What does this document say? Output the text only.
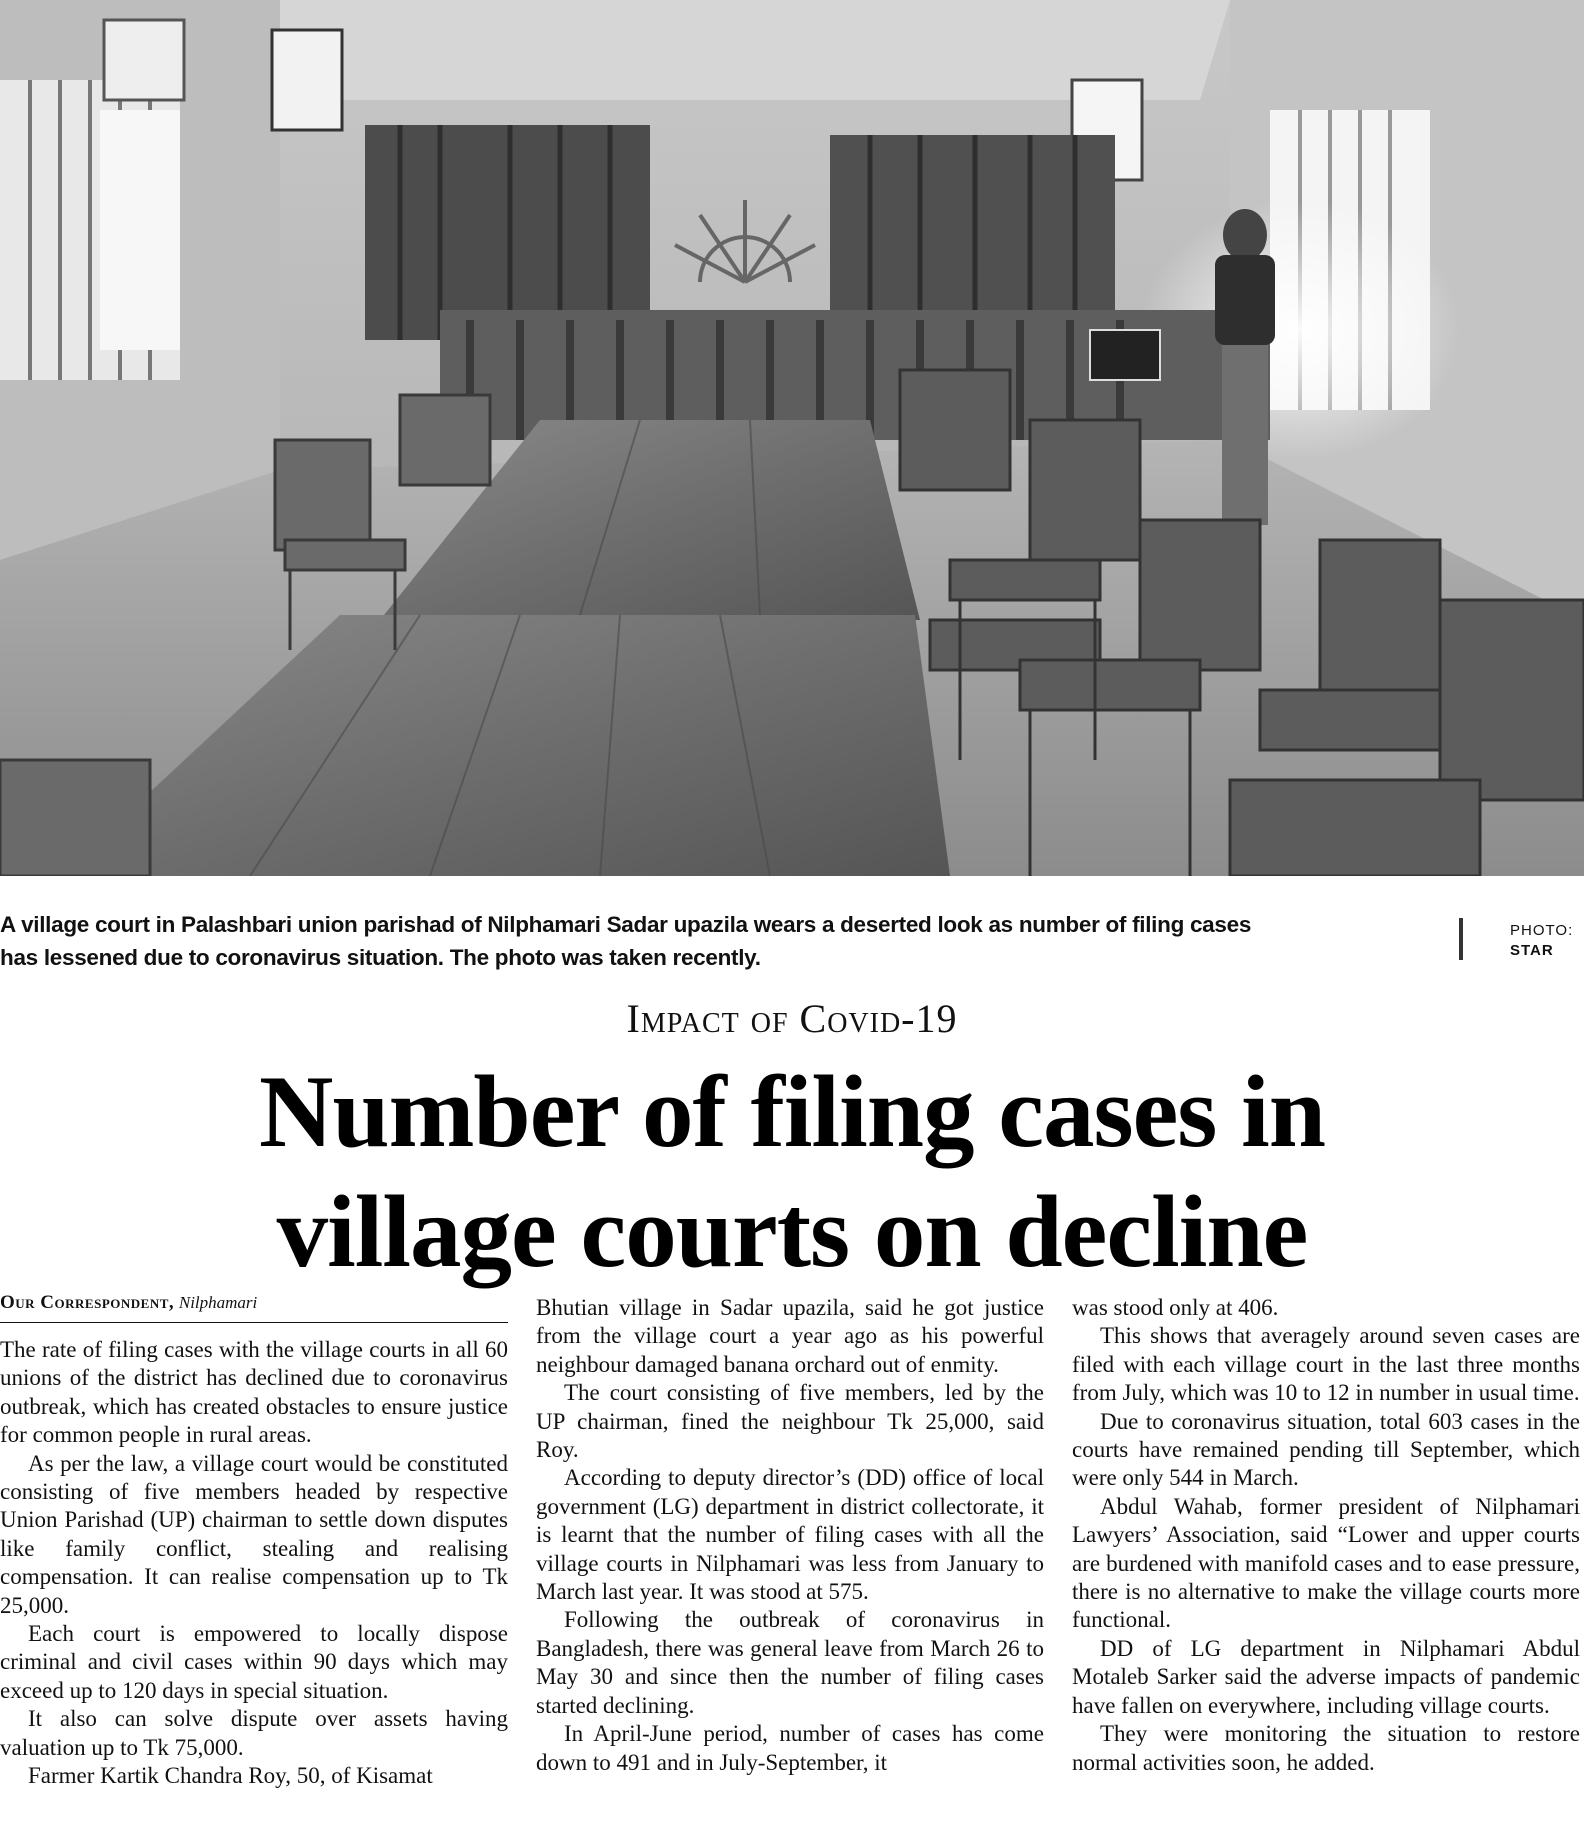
A village court in Palashbari union parishad of Nilphamari Sadar upazila wears a deserted look as number of filing cases has lessened due to coronavirus situation. The photo was taken recently.
PHOTO:
STAR
Impact of Covid-19
Number of filing cases in
village courts on decline
Our Correspondent, Nilphamari

The rate of filing cases with the village courts in all 60 unions of the district has declined due to coronavirus outbreak, which has created obstacles to ensure justice for common people in rural areas.

As per the law, a village court would be constituted consisting of five members headed by respective Union Parishad (UP) chairman to settle down disputes like family conflict, stealing and realising compensation. It can realise compensation up to Tk 25,000.

Each court is empowered to locally dispose criminal and civil cases within 90 days which may exceed up to 120 days in special situation.

It also can solve dispute over assets having valuation up to Tk 75,000.

Farmer Kartik Chandra Roy, 50, of Kisamat

Bhutian village in Sadar upazila, said he got justice from the village court a year ago as his powerful neighbour damaged banana orchard out of enmity.

The court consisting of five members, led by the UP chairman, fined the neighbour Tk 25,000, said Roy.

According to deputy director’s (DD) office of local government (LG) department in district collectorate, it is learnt that the number of filing cases with all the village courts in Nilphamari was less from January to March last year. It was stood at 575.

Following the outbreak of coronavirus in Bangladesh, there was general leave from March 26 to May 30 and since then the number of filing cases started declining.

In April-June period, number of cases has come down to 491 and in July-September, it

was stood only at 406.

This shows that averagely around seven cases are filed with each village court in the last three months from July, which was 10 to 12 in number in usual time.

Due to coronavirus situation, total 603 cases in the courts have remained pending till September, which were only 544 in March.

Abdul Wahab, former president of Nilphamari Lawyers’ Association, said “Lower and upper courts are burdened with manifold cases and to ease pressure, there is no alternative to make the village courts more functional.

DD of LG department in Nilphamari Abdul Motaleb Sarker said the adverse impacts of pandemic have fallen on everywhere, including village courts.

They were monitoring the situation to restore normal activities soon, he added.
